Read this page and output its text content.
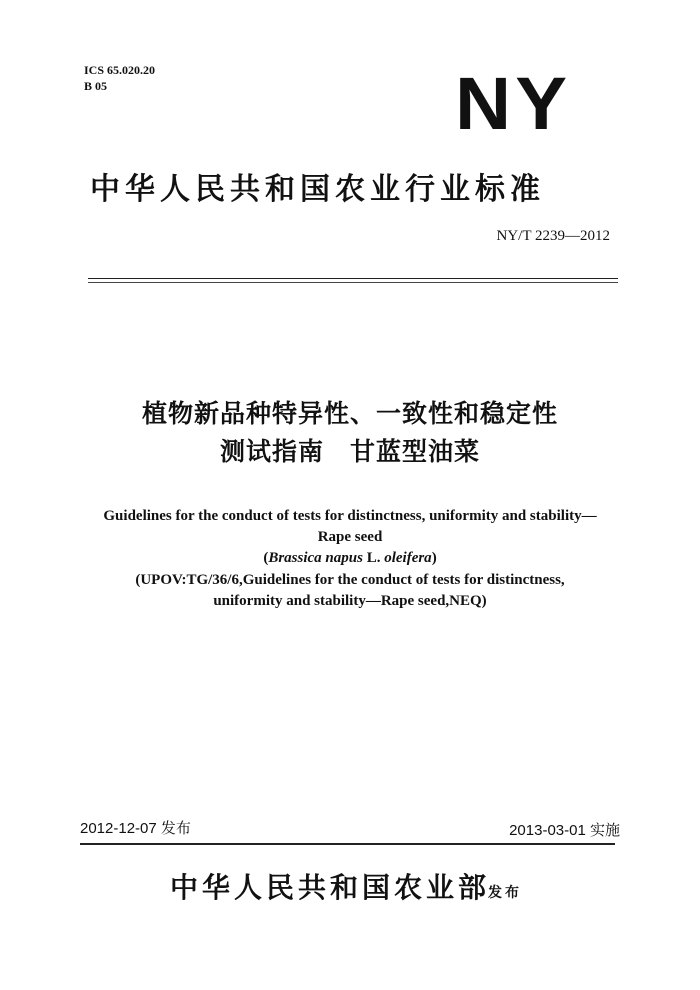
ICS 65.020.20
B 05	NY
中华人民共和国农业行业标准
NY/T 2239—2012
植物新品种特异性、一致性和稳定性
测试指南　甘蓝型油菜
Guidelines for the conduct of tests for distinctness, uniformity and stability—
Rape seed
(Brassica napus L. oleifera)
(UPOV:TG/36/6,Guidelines for the conduct of tests for distinctness,
uniformity and stability—Rape seed,NEQ)
2012-12-07 发布	2013-03-01 实施
中华人民共和国农业部
发布
